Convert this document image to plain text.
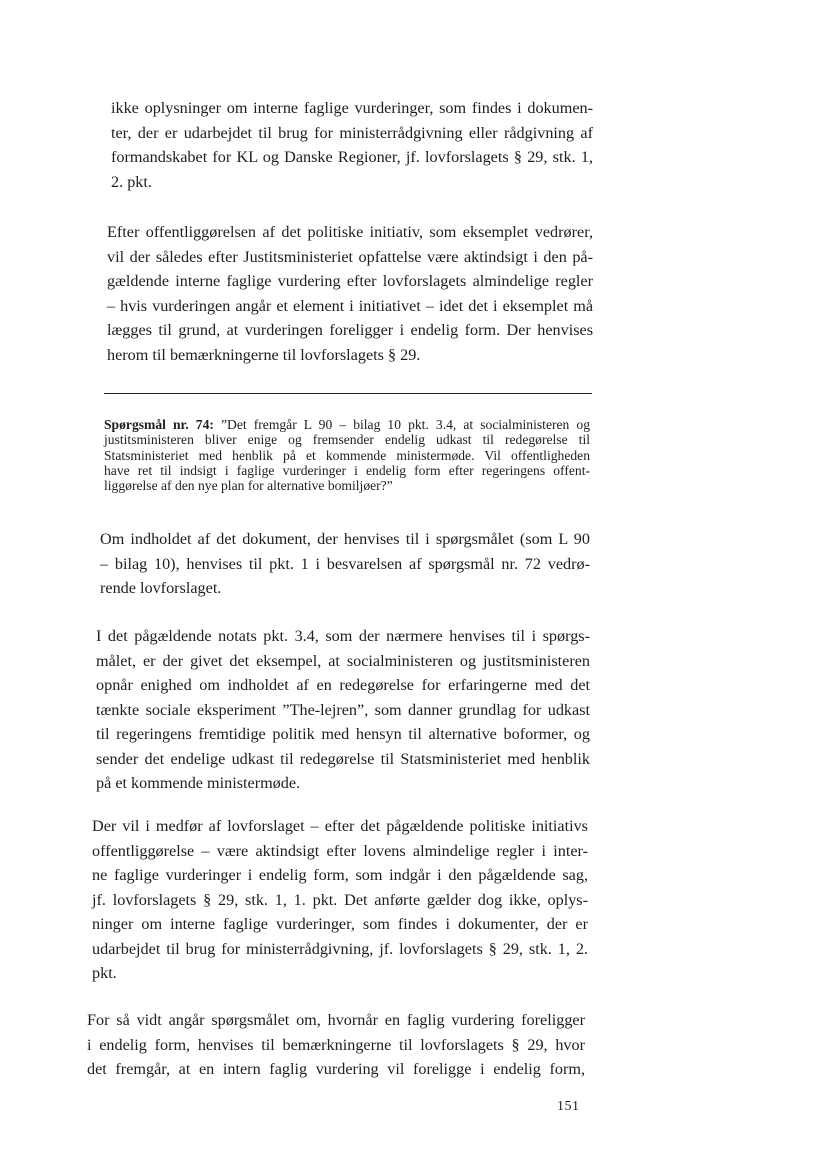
ikke oplysninger om interne faglige vurderinger, som findes i dokumen-
ter, der er udarbejdet til brug for ministerrådgivning eller rådgivning af
formandskabet for KL og Danske Regioner, jf. lovforslagets § 29, stk. 1,
2. pkt.

Efter offentliggørelsen af det politiske initiativ, som eksemplet vedrører,
vil der således efter Justitsministeriet opfattelse være aktindsigt i den på-
gældende interne faglige vurdering efter lovforslagets almindelige regler
– hvis vurderingen angår et element i initiativet – idet det i eksemplet må
lægges til grund, at vurderingen foreligger i endelig form. Der henvises
herom til bemærkningerne til lovforslagets § 29.

Spørgsmål nr. 74: ”Det fremgår L 90 – bilag 10 pkt. 3.4, at socialministeren og
justitsministeren bliver enige og fremsender endelig udkast til redegørelse til
Statsministeriet med henblik på et kommende ministermøde. Vil offentligheden
have ret til indsigt i faglige vurderinger i endelig form efter regeringens offent-
liggørelse af den nye plan for alternative bomiljøer?”

Om indholdet af det dokument, der henvises til i spørgsmålet (som L 90
– bilag 10), henvises til pkt. 1 i besvarelsen af spørgsmål nr. 72 vedrø-
rende lovforslaget.

I det pågældende notats pkt. 3.4, som der nærmere henvises til i spørgs-
målet, er der givet det eksempel, at socialministeren og justitsministeren
opnår enighed om indholdet af en redegørelse for erfaringerne med det
tænkte sociale eksperiment ”The-lejren”, som danner grundlag for udkast
til regeringens fremtidige politik med hensyn til alternative boformer, og
sender det endelige udkast til redegørelse til Statsministeriet med henblik
på et kommende ministermøde.

Der vil i medfør af lovforslaget – efter det pågældende politiske initiativs
offentliggørelse – være aktindsigt efter lovens almindelige regler i inter-
ne faglige vurderinger i endelig form, som indgår i den pågældende sag,
jf. lovforslagets § 29, stk. 1, 1. pkt. Det anførte gælder dog ikke, oplys-
ninger om interne faglige vurderinger, som findes i dokumenter, der er
udarbejdet til brug for ministerrådgivning, jf. lovforslagets § 29, stk. 1, 2.
pkt.

For så vidt angår spørgsmålet om, hvornår en faglig vurdering foreligger
i endelig form, henvises til bemærkningerne til lovforslagets § 29, hvor
det fremgår, at en intern faglig vurdering vil foreligge i endelig form,

151
